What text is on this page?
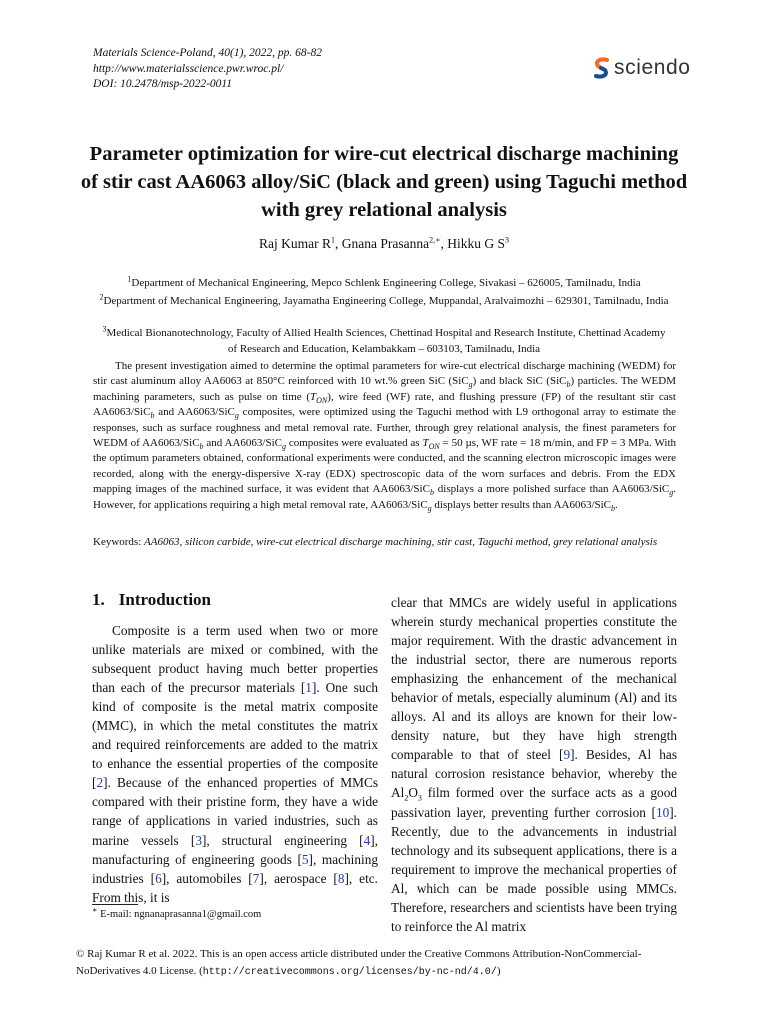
Materials Science-Poland, 40(1), 2022, pp. 68-82
http://www.materialsscience.pwr.wroc.pl/
DOI: 10.2478/msp-2022-0011
sciendo
Parameter optimization for wire-cut electrical discharge machining of stir cast AA6063 alloy/SiC (black and green) using Taguchi method with grey relational analysis
Raj Kumar $R^1$, Gnana Prasanna$^{2,∗}$, Hikku G $S^3$
$^1$Department of Mechanical Engineering, Mepco Schlenk Engineering College, Sivakasi – 626005, Tamilnadu, India
$^2$Department of Mechanical Engineering, Jayamatha Engineering College, Muppandal, Aralvaimozhi – 629301, Tamilnadu, India
$^3$Medical Bionanotechnology, Faculty of Allied Health Sciences, Chettinad Hospital and Research Institute, Chettinad Academy of Research and Education, Kelambakkam – 603103, Tamilnadu, India
The present investigation aimed to determine the optimal parameters for wire-cut electrical discharge machining (WEDM) for stir cast aluminum alloy AA6063 at 850°C reinforced with 10 wt.% green SiC (SiC$_g$) and black SiC (SiC$_b$) particles. The WEDM machining parameters, such as pulse on time $(T_{ON})$, wire feed (WF) rate, and flushing pressure (FP) of the resultant stir cast AA6063/SiC$_b$ and AA6063/SiC$_g$ composites, were optimized using the Taguchi method with L9 orthogonal array to estimate the responses, such as surface roughness and metal removal rate. Further, through grey relational analysis, the finest parameters for WEDM of AA6063/SiC$_b$ and AA6063/SiC$_g$ composites were evaluated as $T_{ON} = 50$ µs, WF rate = 18 m/min, and FP = 3 MPa. With the optimum parameters obtained, conformational experiments were conducted, and the scanning electron microscopic images were recorded, along with the energy-dispersive X-ray (EDX) spectroscopic data of the worn surfaces and debris. From the EDX mapping images of the machined surface, it was evident that AA6063/SiC$_b$ displays a more polished surface than AA6063/SiC$_g$. However, for applications requiring a high metal removal rate, AA6063/SiC$_g$ displays better results than AA6063/SiC$_b$.
Keywords: AA6063, silicon carbide, wire-cut electrical discharge machining, stir cast, Taguchi method, grey relational analysis
1. Introduction
Composite is a term used when two or more unlike materials are mixed or combined, with the subsequent product having much better properties than each of the precursor materials [1]. One such kind of composite is the metal matrix composite (MMC), in which the metal constitutes the matrix and required reinforcements are added to the matrix to enhance the essential properties of the composite [2]. Because of the enhanced properties of MMCs compared with their pristine form, they have a wide range of applications in varied industries, such as marine vessels [3], structural engineering [4], manufacturing of engineering goods [5], machining industries [6], automobiles [7], aerospace [8], etc. From this, it is
clear that MMCs are widely useful in applications wherein sturdy mechanical properties constitute the major requirement. With the drastic advancement in the industrial sector, there are numerous reports emphasizing the enhancement of the mechanical behavior of metals, especially aluminum (Al) and its alloys. Al and its alloys are known for their low-density nature, but they have high strength comparable to that of steel [9]. Besides, Al has natural corrosion resistance behavior, whereby the $Al_2O_3$ film formed over the surface acts as a good passivation layer, preventing further corrosion [10]. Recently, due to the advancements in industrial technology and its subsequent applications, there is a requirement to improve the mechanical properties of Al, which can be made possible using MMCs. Therefore, researchers and scientists have been trying to reinforce the Al matrix
∗ E-mail: ngnanaprasanna1@gmail.com
© Raj Kumar R et al. 2022. This is an open access article distributed under the Creative Commons Attribution-NonCommercial-NoDerivatives 4.0 License. (http://creativecommons.org/licenses/by-nc-nd/4.0/)
